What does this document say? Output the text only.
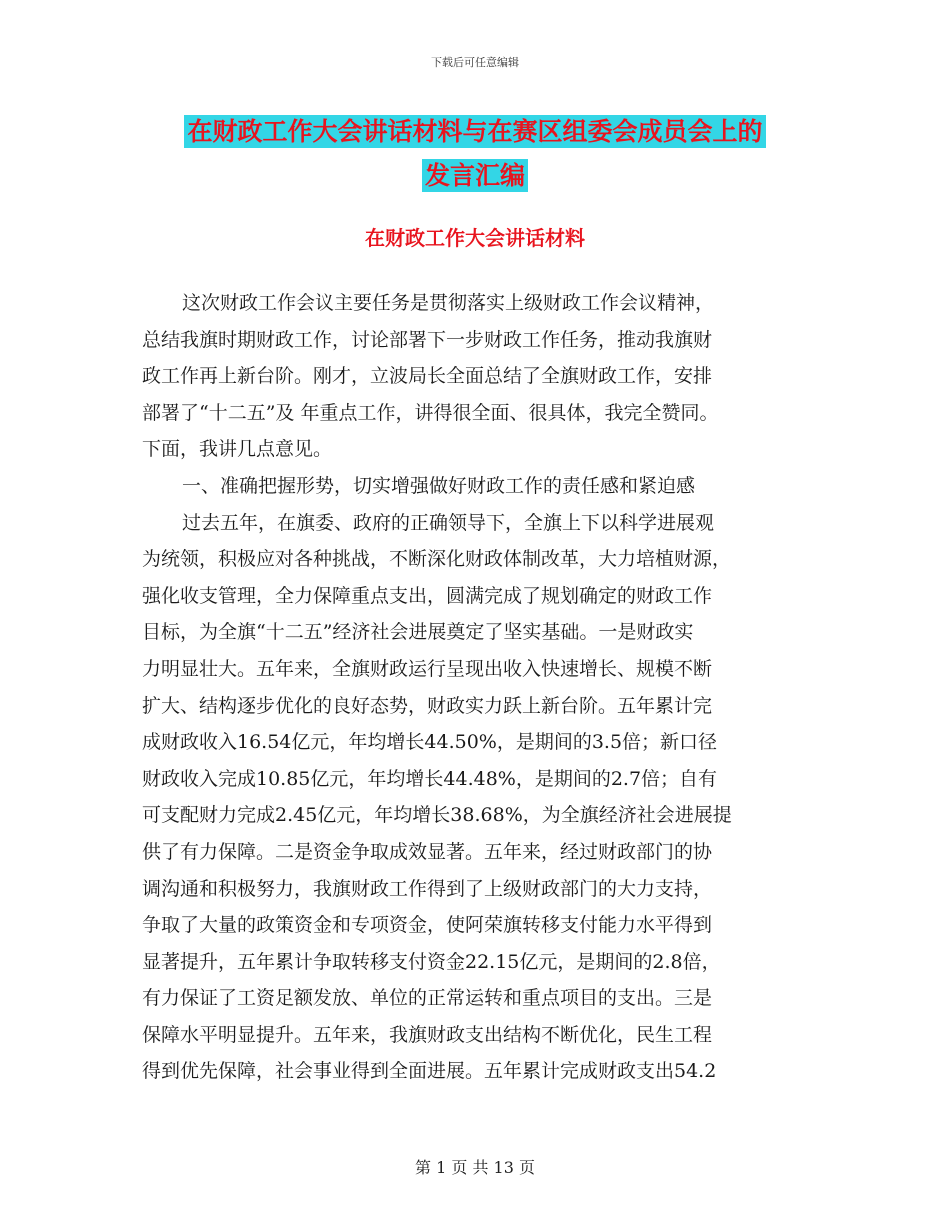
下载后可任意编辑
在财政工作大会讲话材料与在赛区组委会成员会上的
发言汇编
在财政工作大会讲话材料
这次财政工作会议主要任务是贯彻落实上级财政工作会议精神，
总结我旗时期财政工作，讨论部署下一步财政工作任务，推动我旗财
政工作再上新台阶。刚才，立波局长全面总结了全旗财政工作，安排
部署了“十二五”及 年重点工作，讲得很全面、很具体，我完全赞同。
下面，我讲几点意见。
一、准确把握形势，切实增强做好财政工作的责任感和紧迫感
过去五年，在旗委、政府的正确领导下，全旗上下以科学进展观
为统领，积极应对各种挑战，不断深化财政体制改革，大力培植财源，
强化收支管理，全力保障重点支出，圆满完成了规划确定的财政工作
目标，为全旗“十二五”经济社会进展奠定了坚实基础。一是财政实
力明显壮大。五年来，全旗财政运行呈现出收入快速增长、规模不断
扩大、结构逐步优化的良好态势，财政实力跃上新台阶。五年累计完
成财政收入16.54亿元，年均增长44.50%，是期间的3.5倍；新口径
财政收入完成10.85亿元，年均增长44.48%，是期间的2.7倍；自有
可支配财力完成2.45亿元，年均增长38.68%，为全旗经济社会进展提
供了有力保障。二是资金争取成效显著。五年来，经过财政部门的协
调沟通和积极努力，我旗财政工作得到了上级财政部门的大力支持，
争取了大量的政策资金和专项资金，使阿荣旗转移支付能力水平得到
显著提升，五年累计争取转移支付资金22.15亿元，是期间的2.8倍，
有力保证了工资足额发放、单位的正常运转和重点项目的支出。三是
保障水平明显提升。五年来，我旗财政支出结构不断优化，民生工程
得到优先保障，社会事业得到全面进展。五年累计完成财政支出54.2
第 1 页 共 13 页
